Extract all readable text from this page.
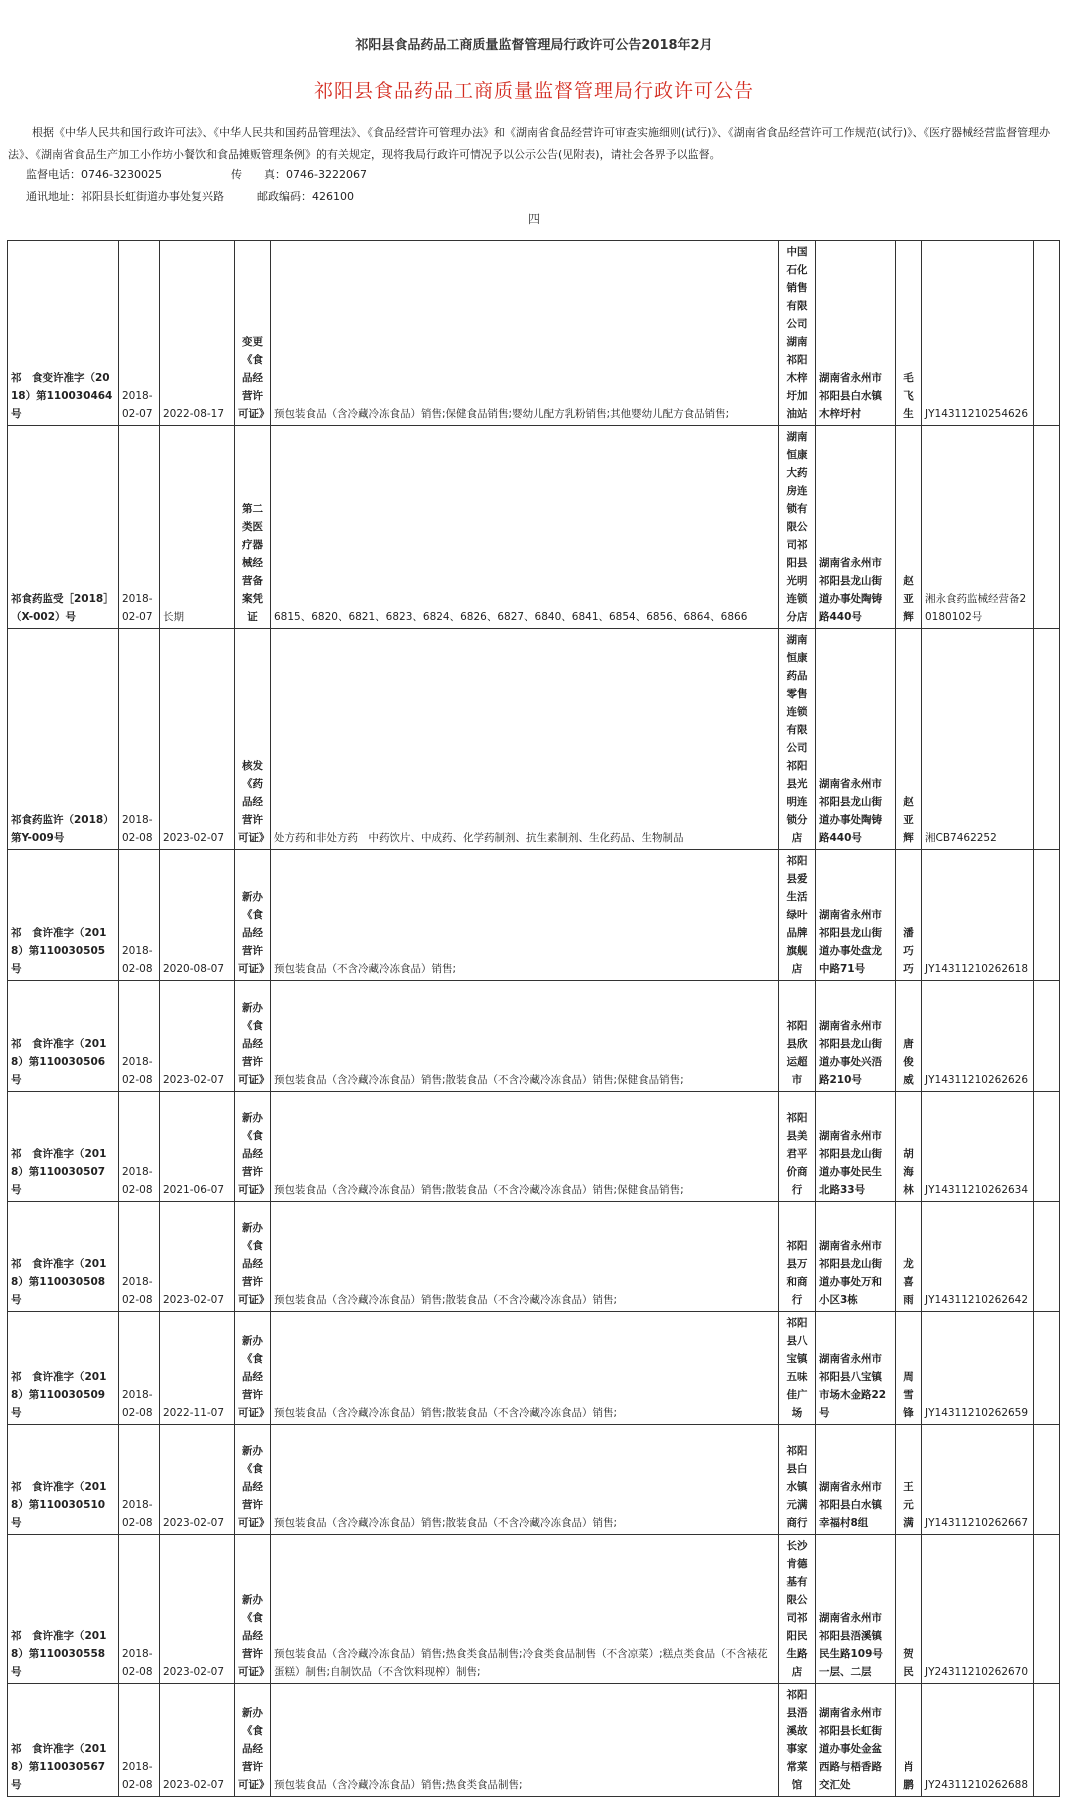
祁阳县食品药品工商质量监督管理局行政许可公告2018年2月
祁阳县食品药品工商质量监督管理局行政许可公告

根据《中华人民共和国行政许可法》、《中华人民共和国药品管理法》、《食品经营许可管理办法》和《湖南省食品经营许可审查实施细则(试行)》、《湖南省食品经营许可工作规范(试行)》、《医疗器械经营监督管理办法》、《湖南省食品生产加工小作坊小餐饮和食品摊贩管理条例》的有关规定，现将我局行政许可情况予以公示公告(见附表)，请社会各界予以监督。

监督电话：0746-3230025	传　　真：0746-3222067
通讯地址：祁阳县长虹街道办事处复兴路	邮政编码：426100
四
祁　食变许准字（2018）第110030464号	2018-02-07	2022-08-17	变更《食品经营许可证》	预包装食品（含冷藏冷冻食品）销售;保健食品销售;婴幼儿配方乳粉销售;其他婴幼儿配方食品销售;	中国石化销售有限公司湖南祁阳木梓圩加油站	湖南省永州市祁阳县白水镇木梓圩村	毛飞生	JY14311210254626	
祁食药监受［2018］（X-002）号	2018-02-07	长期	第二类医疗器械经营备案凭证	6815、6820、6821、6823、6824、6826、6827、6840、6841、6854、6856、6864、6866	湖南恒康大药房连锁有限公司祁阳县光明连锁分店	湖南省永州市祁阳县龙山街道办事处陶铸路440号	赵亚辉	湘永食药监械经营备20180102号	
祁食药监许（2018）第Y-009号	2018-02-08	2023-02-07	核发《药品经营许可证》	处方药和非处方药　中药饮片、中成药、化学药制剂、抗生素制剂、生化药品、生物制品	湖南恒康药品零售连锁有限公司祁阳县光明连锁分店	湖南省永州市祁阳县龙山街道办事处陶铸路440号	赵亚辉	湘CB7462252	
祁　食许准字（2018）第110030505号	2018-02-08	2020-08-07	新办《食品经营许可证》	预包装食品（不含冷藏冷冻食品）销售;	祁阳县爱生活绿叶品牌旗舰店	湖南省永州市祁阳县龙山街道办事处盘龙中路71号	潘巧巧	JY14311210262618	
祁　食许准字（2018）第110030506号	2018-02-08	2023-02-07	新办《食品经营许可证》	预包装食品（含冷藏冷冻食品）销售;散装食品（不含冷藏冷冻食品）销售;保健食品销售;	祁阳县欣运超市	湖南省永州市祁阳县龙山街道办事处兴浯路210号	唐俊威	JY14311210262626	
祁　食许准字（2018）第110030507号	2018-02-08	2021-06-07	新办《食品经营许可证》	预包装食品（含冷藏冷冻食品）销售;散装食品（不含冷藏冷冻食品）销售;保健食品销售;	祁阳县美君平价商行	湖南省永州市祁阳县龙山街道办事处民生北路33号	胡海林	JY14311210262634	
祁　食许准字（2018）第110030508号	2018-02-08	2023-02-07	新办《食品经营许可证》	预包装食品（含冷藏冷冻食品）销售;散装食品（不含冷藏冷冻食品）销售;	祁阳县万和商行	湖南省永州市祁阳县龙山街道办事处万和小区3栋	龙喜雨	JY14311210262642	
祁　食许准字（2018）第110030509号	2018-02-08	2022-11-07	新办《食品经营许可证》	预包装食品（含冷藏冷冻食品）销售;散装食品（不含冷藏冷冻食品）销售;	祁阳县八宝镇五味佳广场	湖南省永州市祁阳县八宝镇市场木金路22号	周雪锋	JY14311210262659	
祁　食许准字（2018）第110030510号	2018-02-08	2023-02-07	新办《食品经营许可证》	预包装食品（含冷藏冷冻食品）销售;散装食品（不含冷藏冷冻食品）销售;	祁阳县白水镇元满商行	湖南省永州市祁阳县白水镇幸福村8组	王元满	JY14311210262667	
祁　食许准字（2018）第110030558号	2018-02-08	2023-02-07	新办《食品经营许可证》	预包装食品（含冷藏冷冻食品）销售;热食类食品制售;冷食类食品制售（不含凉菜）;糕点类食品（不含裱花蛋糕）制售;自制饮品（不含饮料现榨）制售;	长沙肯德基有限公司祁阳民生路店	湖南省永州市祁阳县浯溪镇民生路109号一层、二层	贺民	JY24311210262670	
祁　食许准字（2018）第110030567号	2018-02-08	2023-02-07	新办《食品经营许可证》	预包装食品（含冷藏冷冻食品）销售;热食类食品制售;	祁阳县浯溪故事家常菜馆	湖南省永州市祁阳县长虹街道办事处金盆西路与梧香路交汇处	肖鹏	JY24311210262688	
